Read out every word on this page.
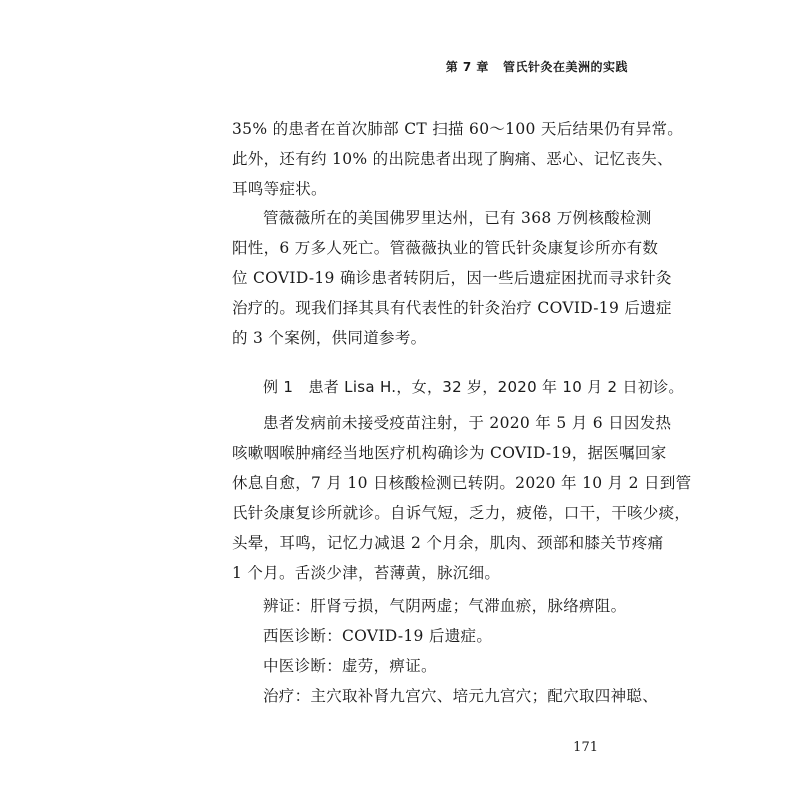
第 7 章 管氏针灸在美洲的实践
35% 的患者在首次肺部 CT 扫描 60～100 天后结果仍有异常。
此外，还有约 10% 的出院患者出现了胸痛、恶心、记忆丧失、
耳鸣等症状。
管薇薇所在的美国佛罗里达州，已有 368 万例核酸检测
阳性，6 万多人死亡。管薇薇执业的管氏针灸康复诊所亦有数
位 COVID-19 确诊患者转阴后，因一些后遗症困扰而寻求针灸
治疗的。现我们择其具有代表性的针灸治疗 COVID-19 后遗症
的 3 个案例，供同道参考。
例 1　患者 Lisa H.，女，32 岁，2020 年 10 月 2 日初诊。
患者发病前未接受疫苗注射，于 2020 年 5 月 6 日因发热
咳嗽咽喉肿痛经当地医疗机构确诊为 COVID-19，据医嘱回家
休息自愈，7 月 10 日核酸检测已转阴。2020 年 10 月 2 日到管
氏针灸康复诊所就诊。自诉气短，乏力，疲倦，口干，干咳少痰，
头晕，耳鸣，记忆力减退 2 个月余，肌肉、颈部和膝关节疼痛
1 个月。舌淡少津，苔薄黄，脉沉细。
辨证：肝肾亏损，气阴两虚；气滞血瘀，脉络痹阻。
西医诊断：COVID-19 后遗症。
中医诊断：虚劳，痹证。
治疗：主穴取补肾九宫穴、培元九宫穴；配穴取四神聪、
171
